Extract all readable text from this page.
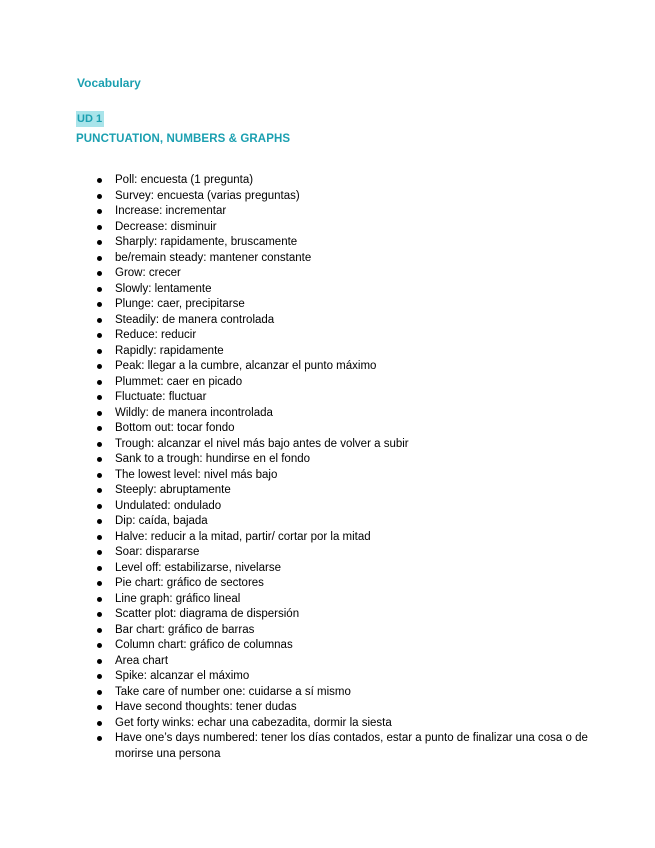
Vocabulary
UD 1
PUNCTUATION, NUMBERS & GRAPHS
Poll: encuesta (1 pregunta)
Survey: encuesta (varias preguntas)
Increase: incrementar
Decrease: disminuir
Sharply: rapidamente, bruscamente
be/remain steady: mantener constante
Grow: crecer
Slowly: lentamente
Plunge: caer, precipitarse
Steadily: de manera controlada
Reduce: reducir
Rapidly: rapidamente
Peak: llegar a la cumbre, alcanzar el punto máximo
Plummet: caer en picado
Fluctuate: fluctuar
Wildly: de manera incontrolada
Bottom out: tocar fondo
Trough: alcanzar el nivel más bajo antes de volver a subir
Sank to a trough: hundirse en el fondo
The lowest level: nivel más bajo
Steeply: abruptamente
Undulated: ondulado
Dip: caída, bajada
Halve: reducir a la mitad, partir/ cortar por la mitad
Soar: dispararse
Level off: estabilizarse, nivelarse
Pie chart: gráfico de sectores
Line graph: gráfico lineal
Scatter plot: diagrama de dispersión
Bar chart: gráfico de barras
Column chart: gráfico de columnas
Area chart
Spike: alcanzar el máximo
Take care of number one: cuidarse a sí mismo
Have second thoughts: tener dudas
Get forty winks: echar una cabezadita, dormir la siesta
Have one’s days numbered: tener los días contados, estar a punto de finalizar una cosa o de morirse una persona
